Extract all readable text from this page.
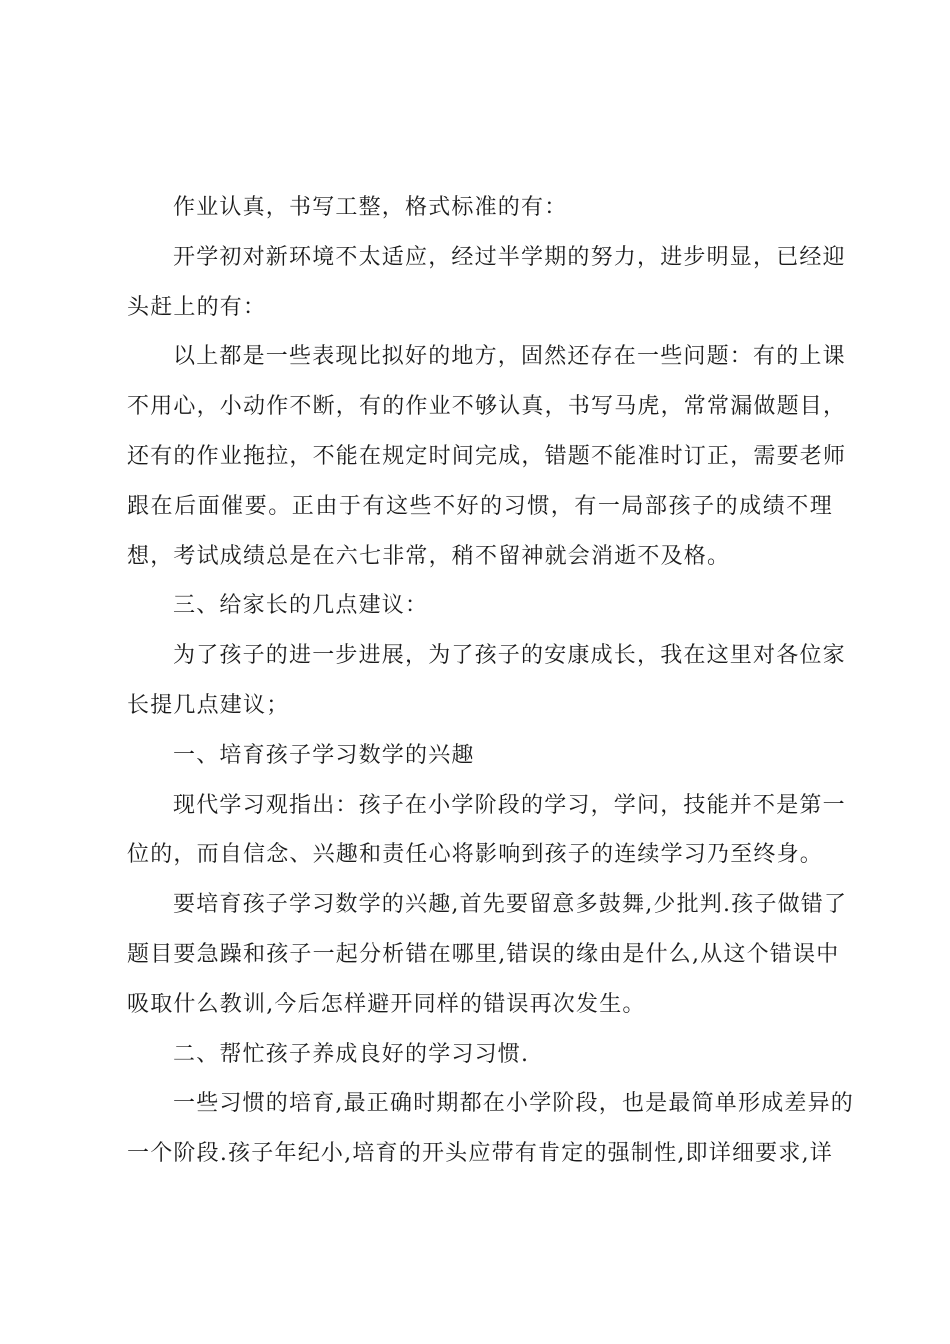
作业认真，书写工整，格式标准的有：

开学初对新环境不太适应，经过半学期的努力，进步明显，已经迎
头赶上的有：

以上都是一些表现比拟好的地方，固然还存在一些问题：有的上课
不用心，小动作不断，有的作业不够认真，书写马虎，常常漏做题目，
还有的作业拖拉，不能在规定时间完成，错题不能准时订正，需要老师
跟在后面催要。正由于有这些不好的习惯，有一局部孩子的成绩不理
想，考试成绩总是在六七非常，稍不留神就会消逝不及格。

三、给家长的几点建议：

为了孩子的进一步进展，为了孩子的安康成长，我在这里对各位家
长提几点建议；

一、培育孩子学习数学的兴趣

现代学习观指出：孩子在小学阶段的学习，学问，技能并不是第一
位的，而自信念、兴趣和责任心将影响到孩子的连续学习乃至终身。

要培育孩子学习数学的兴趣,首先要留意多鼓舞,少批判.孩子做错了
题目要急躁和孩子一起分析错在哪里,错误的缘由是什么,从这个错误中
吸取什么教训,今后怎样避开同样的错误再次发生。

二、帮忙孩子养成良好的学习习惯.

一些习惯的培育,最正确时期都在小学阶段，也是最简单形成差异的
一个阶段.孩子年纪小,培育的开头应带有肯定的强制性,即详细要求,详
